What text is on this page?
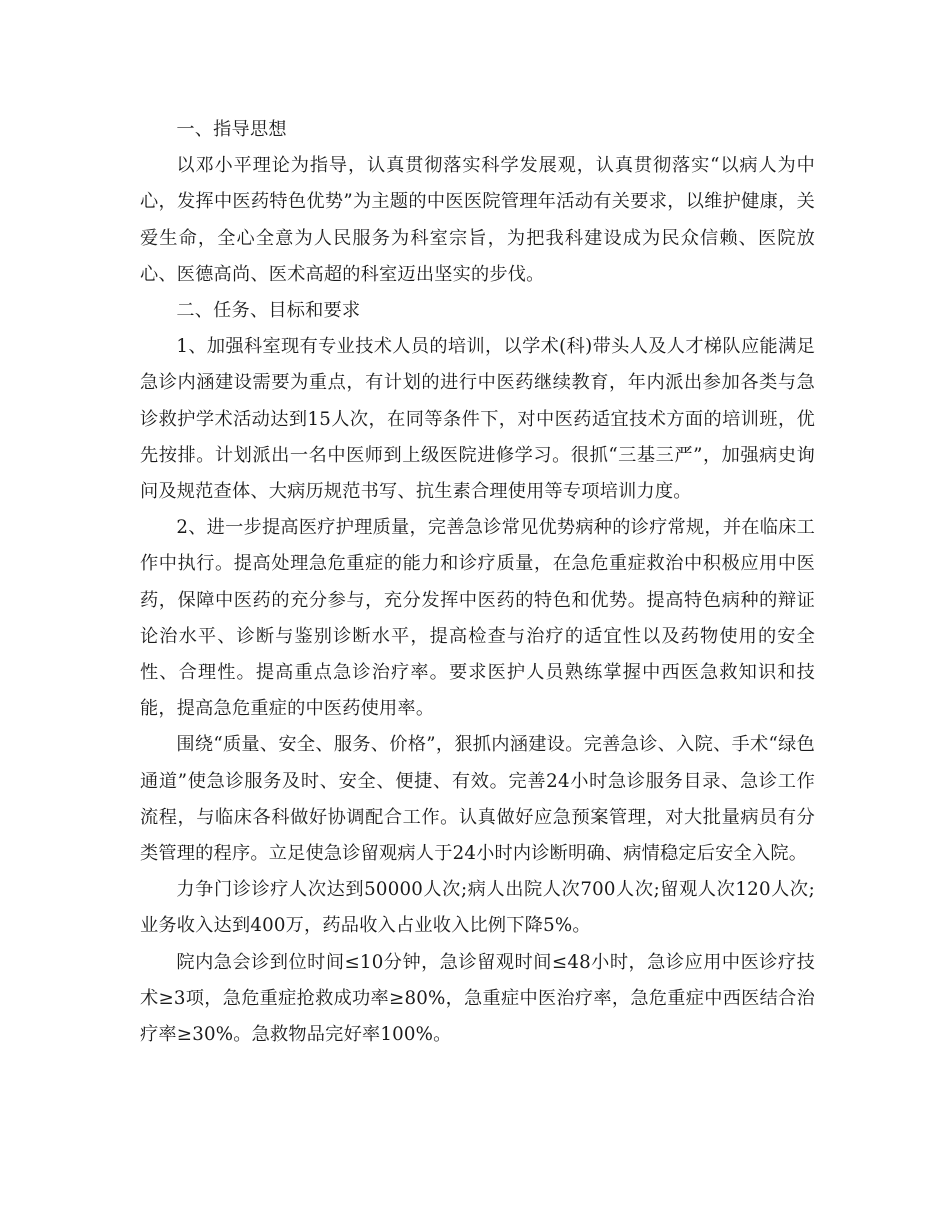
一、指导思想

以邓小平理论为指导，认真贯彻落实科学发展观，认真贯彻落实“以病人为中心，发挥中医药特色优势”为主题的中医医院管理年活动有关要求，以维护健康，关爱生命，全心全意为人民服务为科室宗旨，为把我科建设成为民众信赖、医院放心、医德高尚、医术高超的科室迈出坚实的步伐。

二、任务、目标和要求

1、加强科室现有专业技术人员的培训，以学术(科)带头人及人才梯队应能满足急诊内涵建设需要为重点，有计划的进行中医药继续教育，年内派出参加各类与急诊救护学术活动达到15人次，在同等条件下，对中医药适宜技术方面的培训班，优先按排。计划派出一名中医师到上级医院进修学习。很抓“三基三严”，加强病史询问及规范查体、大病历规范书写、抗生素合理使用等专项培训力度。

2、进一步提高医疗护理质量，完善急诊常见优势病种的诊疗常规，并在临床工作中执行。提高处理急危重症的能力和诊疗质量，在急危重症救治中积极应用中医药，保障中医药的充分参与，充分发挥中医药的特色和优势。提高特色病种的辩证论治水平、诊断与鉴别诊断水平，提高检查与治疗的适宜性以及药物使用的安全性、合理性。提高重点急诊治疗率。要求医护人员熟练掌握中西医急救知识和技能，提高急危重症的中医药使用率。

围绕“质量、安全、服务、价格”，狠抓内涵建设。完善急诊、入院、手术“绿色通道”使急诊服务及时、安全、便捷、有效。完善24小时急诊服务目录、急诊工作流程，与临床各科做好协调配合工作。认真做好应急预案管理，对大批量病员有分类管理的程序。立足使急诊留观病人于24小时内诊断明确、病情稳定后安全入院。

力争门诊诊疗人次达到50000人次;病人出院人次700人次;留观人次120人次;业务收入达到400万，药品收入占业收入比例下降5%。

院内急会诊到位时间≤10分钟，急诊留观时间≤48小时，急诊应用中医诊疗技术≥3项，急危重症抢救成功率≥80%，急重症中医治疗率，急危重症中西医结合治疗率≥30%。急救物品完好率100%。
